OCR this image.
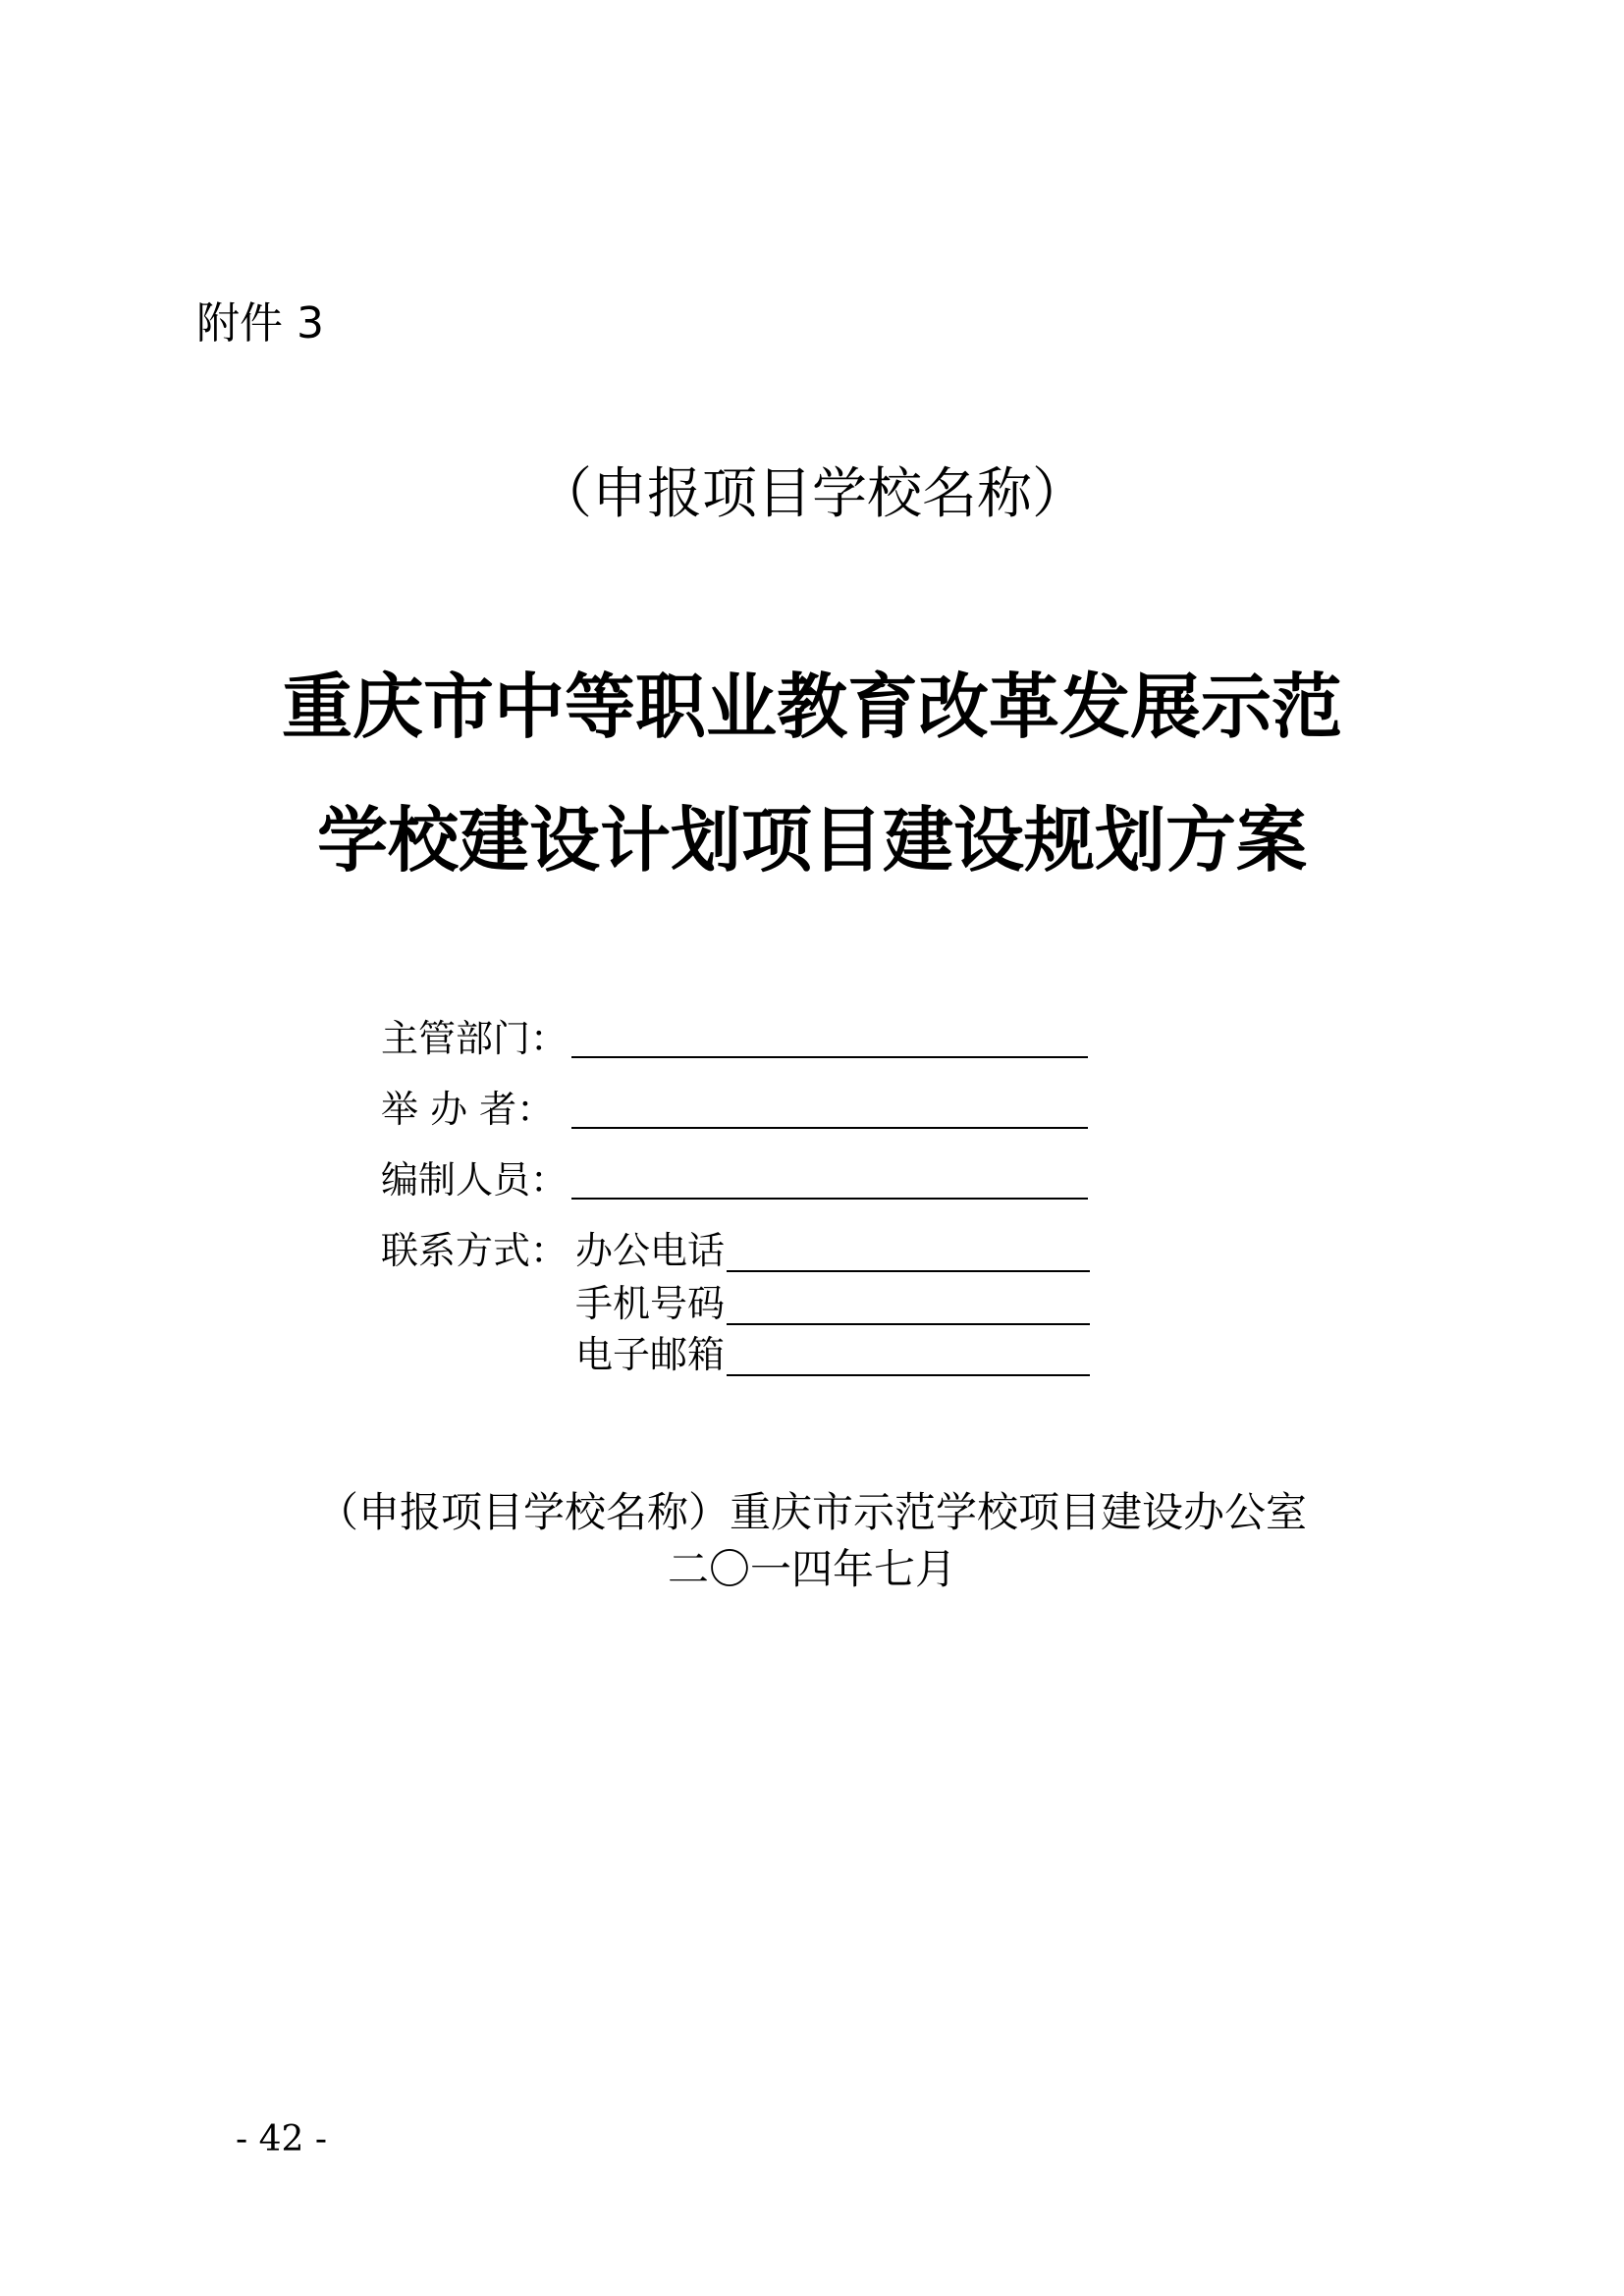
附件 3
（申报项目学校名称）
重庆市中等职业教育改革发展示范
学校建设计划项目建设规划方案
主管部门：
举 办 者：
编制人员：
联系方式： 办公电话
手机号码
电子邮箱
（申报项目学校名称）重庆市示范学校项目建设办公室
二〇一四年七月
- 42 -
